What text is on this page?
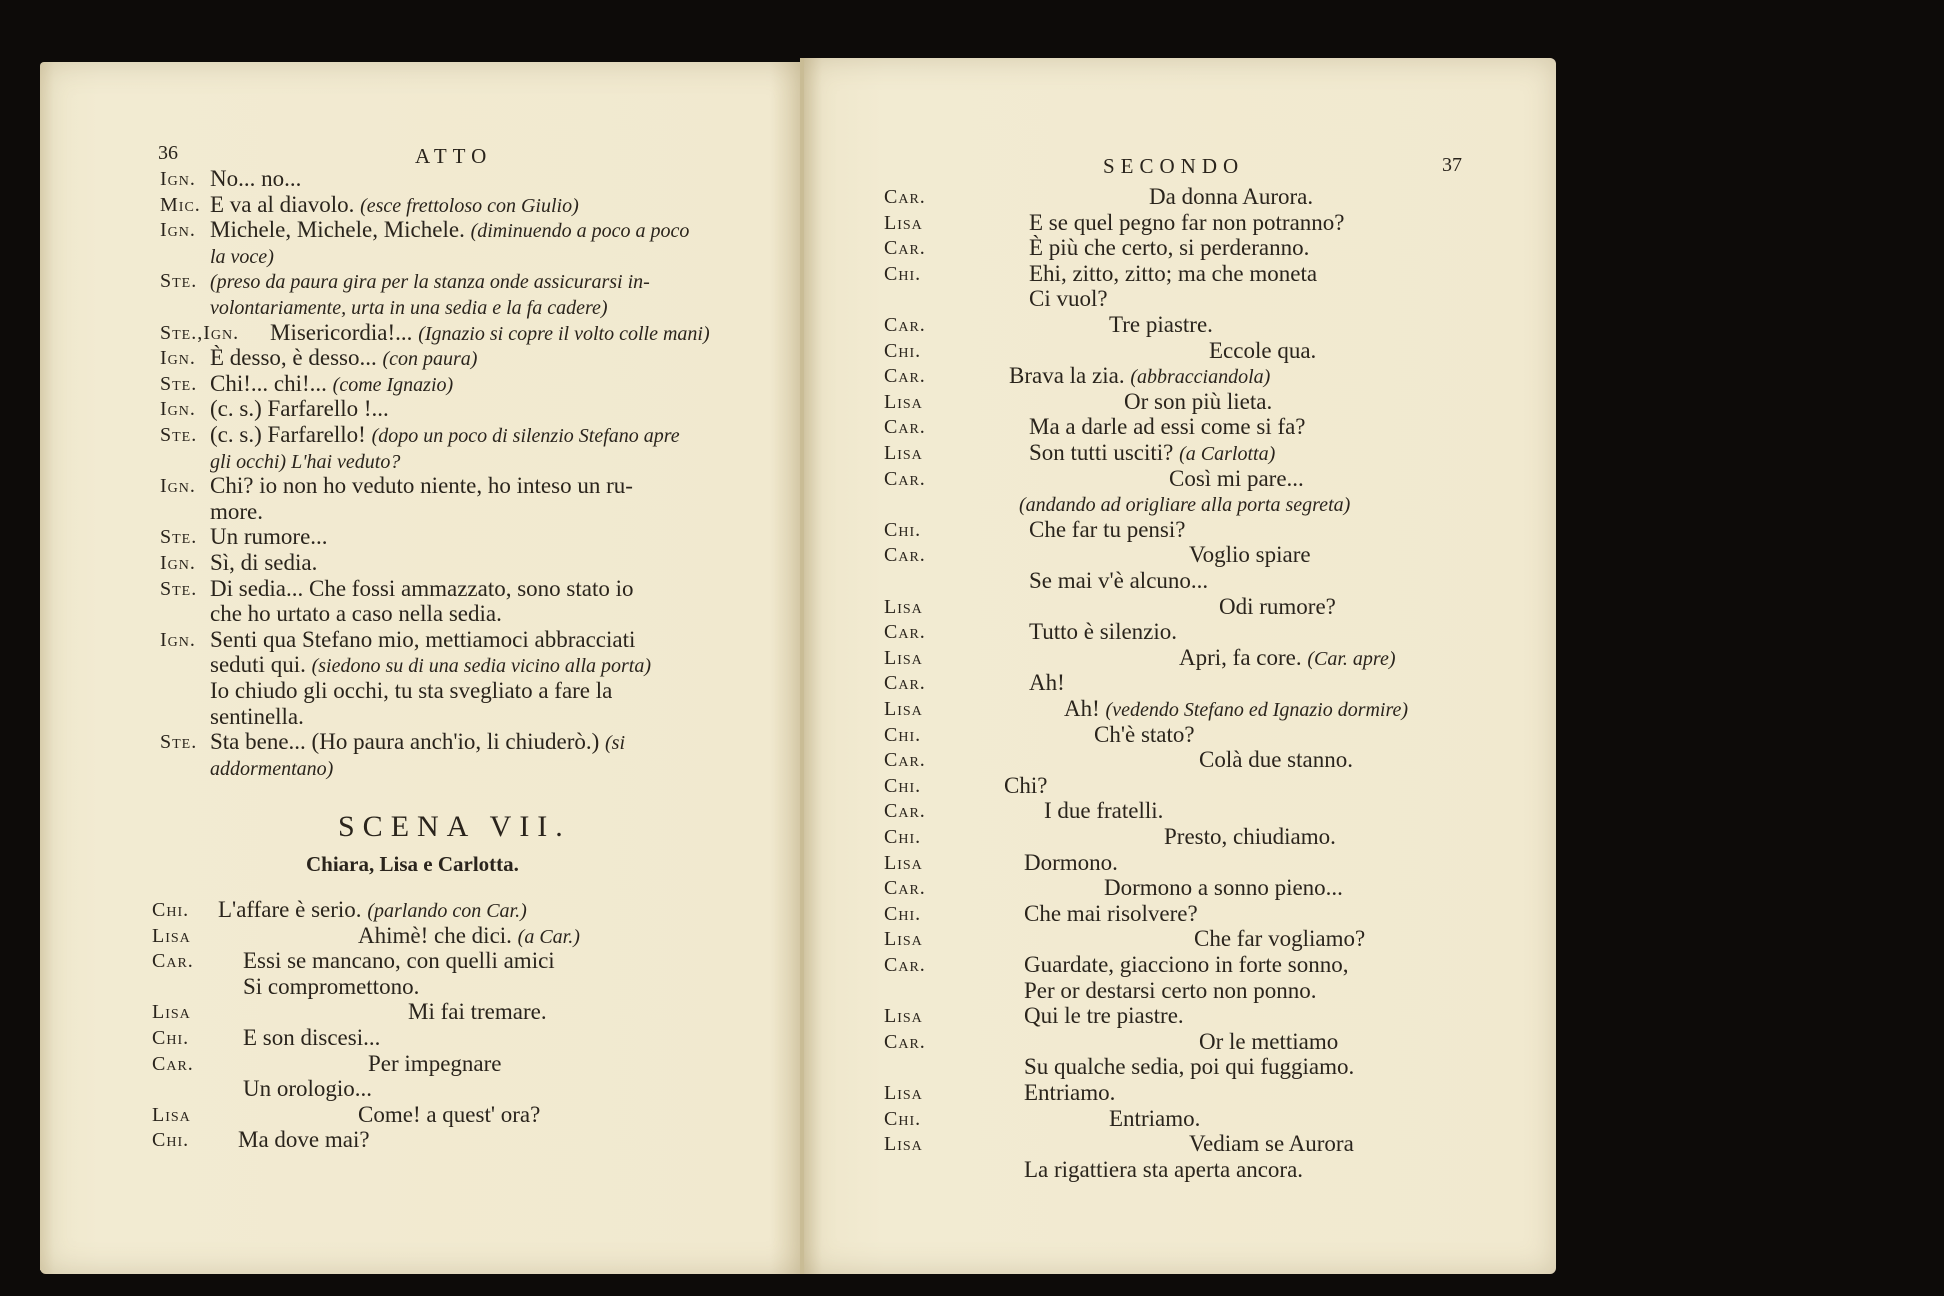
36	ATTO
Ign. No... no...
Mic. E va al diavolo. (esce frettoloso con Giulio)
Ign. Michele, Michele, Michele. (diminuendo a poco a poco
la voce)
Ste. (preso da paura gira per la stanza onde assicurarsi in-
volontariamente, urta in una sedia e la fa cadere)
Ste.,Ign. Misericordia!... (Ignazio si copre il volto colle mani)
Ign. È desso, è desso... (con paura)
Ste. Chi!... chi!... (come Ignazio)
Ign. (c. s.) Farfarello !...
Ste. (c. s.) Farfarello! (dopo un poco di silenzio Stefano apre
gli occhi) L'hai veduto?
Ign. Chi? io non ho veduto niente, ho inteso un ru-
more.
Ste. Un rumore...
Ign. Sì, di sedia.
Ste. Di sedia... Che fossi ammazzato, sono stato io
che ho urtato a caso nella sedia.
Ign. Senti qua Stefano mio, mettiamoci abbracciati
seduti qui. (siedono su di una sedia vicino alla porta)
Io chiudo gli occhi, tu sta svegliato a fare la
sentinella.
Ste. Sta bene... (Ho paura anch'io, li chiuderò.) (si
addormentano)
SCENA VII.
Chiara, Lisa e Carlotta.
Chi. L'affare è serio. (parlando con Car.)
Lisa	Ahimè! che dici. (a Car.)
Car. Essi se mancano, con quelli amici
Si compromettono.
Lisa	Mi fai tremare.
Chi. E son discesi...
Car.	Per impegnare
Un orologio...
Lisa	Come! a quest' ora?
Chi. Ma dove mai?
SECONDO	37
Car.	Da donna Aurora.
Lisa	E se quel pegno far non potranno?
Car.	È più che certo, si perderanno.
Chi.	Ehi, zitto, zitto; ma che moneta
Ci vuol?
Car.	Tre piastre.
Chi.	Eccole qua.
Car.	Brava la zia. (abbracciandola)
Lisa	Or son più lieta.
Car.	Ma a darle ad essi come si fa?
Lisa	Son tutti usciti? (a Carlotta)
Car.	Così mi pare...
(andando ad origliare alla porta segreta)
Chi.	Che far tu pensi?
Car.	Voglio spiare
Se mai v'è alcuno...
Lisa	Odi rumore?
Car.	Tutto è silenzio.
Lisa	Apri, fa core. (Car. apre)
Car.	Ah!
Lisa	Ah! (vedendo Stefano ed Ignazio dormire)
Chi.	Ch'è stato?
Car.	Colà due stanno.
Chi.	Chi?
Car.	I due fratelli.
Chi.	Presto, chiudiamo.
Lisa	Dormono.
Car.	Dormono a sonno pieno...
Chi.	Che mai risolvere?
Lisa	Che far vogliamo?
Car.	Guardate, giacciono in forte sonno,
Per or destarsi certo non ponno.
Lisa	Qui le tre piastre.
Car.	Or le mettiamo
Su qualche sedia, poi qui fuggiamo.
Lisa	Entriamo.
Chi.	Entriamo.
Lisa	Vediam se Aurora
La rigattiera sta aperta ancora.
